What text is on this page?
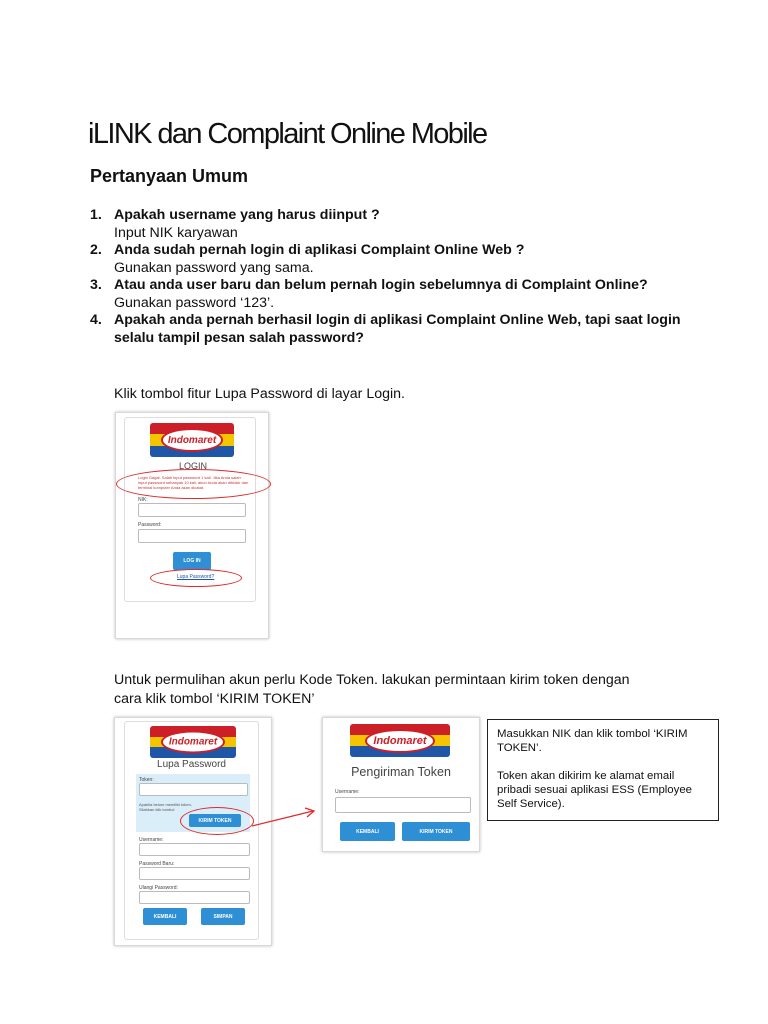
iLINK dan Complaint Online Mobile
Pertanyaan Umum
1. Apakah username yang harus diinput ?
Input NIK karyawan
2. Anda sudah pernah login di aplikasi Complaint Online Web ?
Gunakan password yang sama.
3. Atau anda user baru dan belum pernah login sebelumnya di Complaint Online?
Gunakan password ‘123’.
4. Apakah anda pernah berhasil login di aplikasi Complaint Online Web, tapi saat login selalu tampil pesan salah password?
Klik tombol fitur Lupa Password di layar Login.
Untuk permulihan akun perlu Kode Token. lakukan permintaan kirim token dengan
cara klik tombol ‘KIRIM TOKEN’
Indomaret
LOGIN
Login Gagal. Salah input password 1 kali. Jika Anda salah input password sebanyak 10 kali, akun Anda akan diblokir dan terminal komputer Anda akan dicatat.
NIK:
Password:
LOG IN
Lupa Password?
Indomaret
Lupa Password
Token:
Apabila belum memiliki token, Silahkan klik tombol
KIRIM TOKEN
Username:
Password Baru:
Ulangi Password:
KEMBALI	SIMPAN
Indomaret
Pengiriman Token
Username:
KEMBALI	KIRIM TOKEN
Masukkan NIK dan klik tombol ‘KIRIM TOKEN’.
Token akan dikirim ke alamat email pribadi sesuai aplikasi ESS (Employee Self Service).
